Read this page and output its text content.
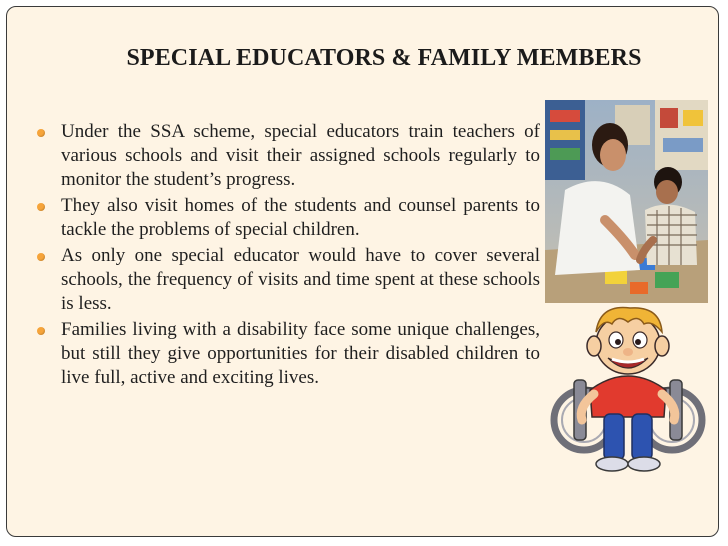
SPECIAL EDUCATORS & FAMILY MEMBERS
Under the SSA scheme, special educators train teachers of various schools and visit their assigned schools regularly to monitor the student’s progress.
They also visit homes of the students and counsel parents to tackle the problems of special children.
As only one special educator would have to cover several schools, the frequency of visits and time spent at these schools is less.
Families living with a disability face some unique challenges, but still they give opportunities for their disabled children to live full, active and exciting lives.
